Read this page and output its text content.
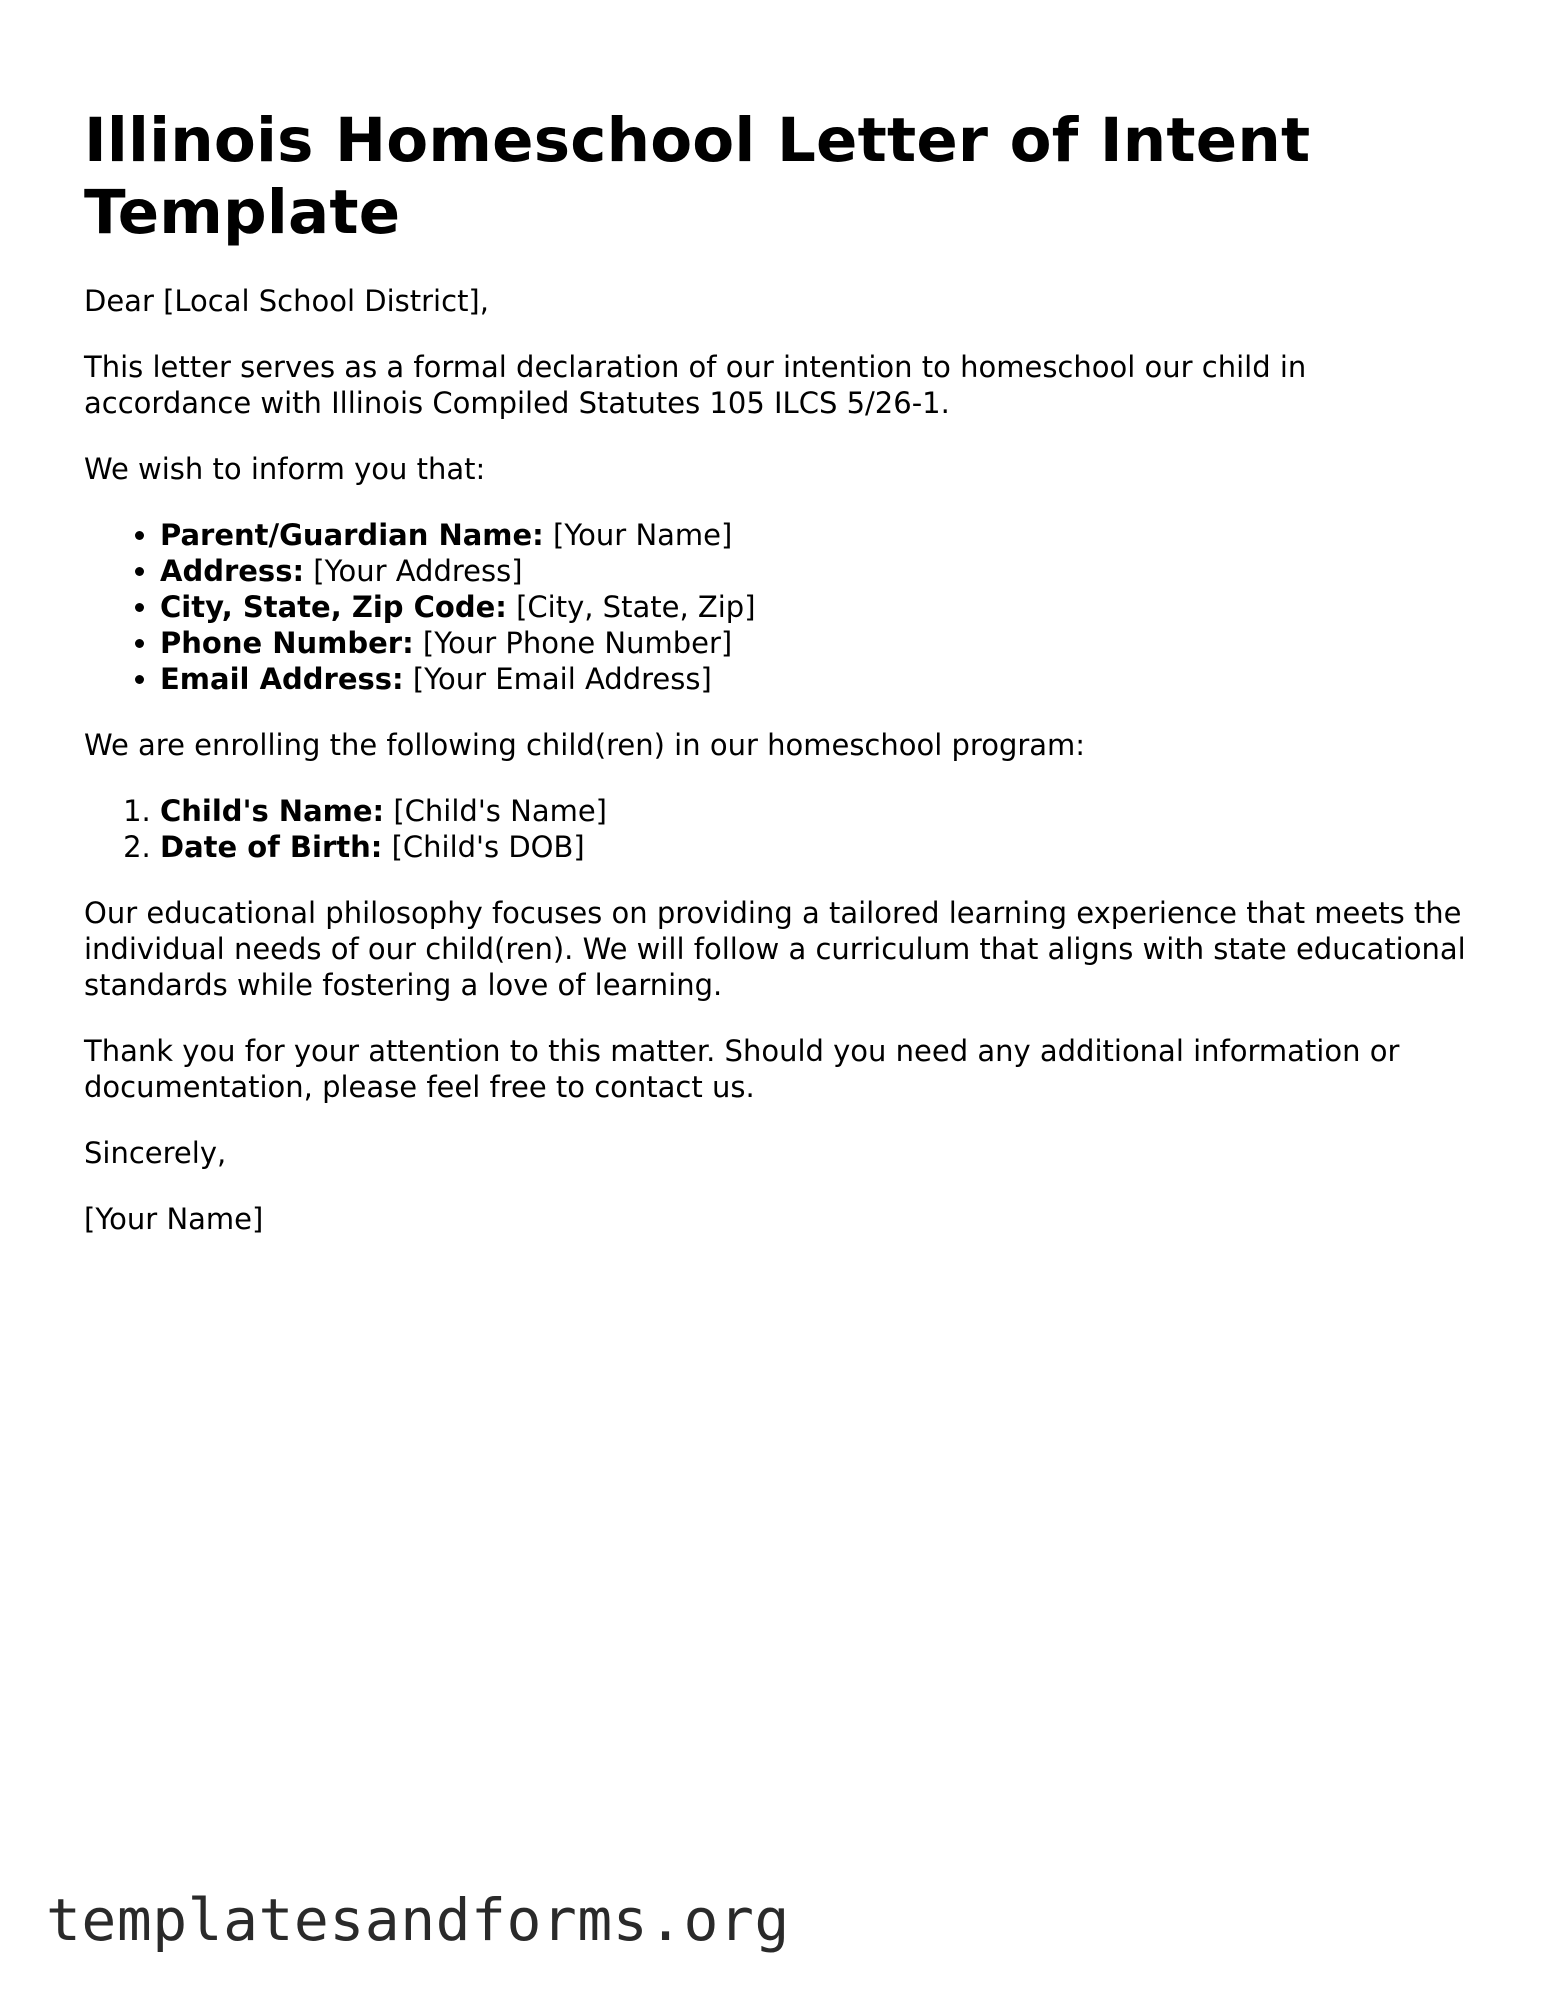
Illinois Homeschool Letter of Intent Template

Dear [Local School District],

This letter serves as a formal declaration of our intention to homeschool our child in accordance with Illinois Compiled Statutes 105 ILCS 5/26-1.

We wish to inform you that:

• Parent/Guardian Name: [Your Name]
• Address: [Your Address]
• City, State, Zip Code: [City, State, Zip]
• Phone Number: [Your Phone Number]
• Email Address: [Your Email Address]

We are enrolling the following child(ren) in our homeschool program:

1. Child's Name: [Child's Name]
2. Date of Birth: [Child's DOB]

Our educational philosophy focuses on providing a tailored learning experience that meets the individual needs of our child(ren). We will follow a curriculum that aligns with state educational standards while fostering a love of learning.

Thank you for your attention to this matter. Should you need any additional information or documentation, please feel free to contact us.

Sincerely,

[Your Name]

templatesandforms.org
